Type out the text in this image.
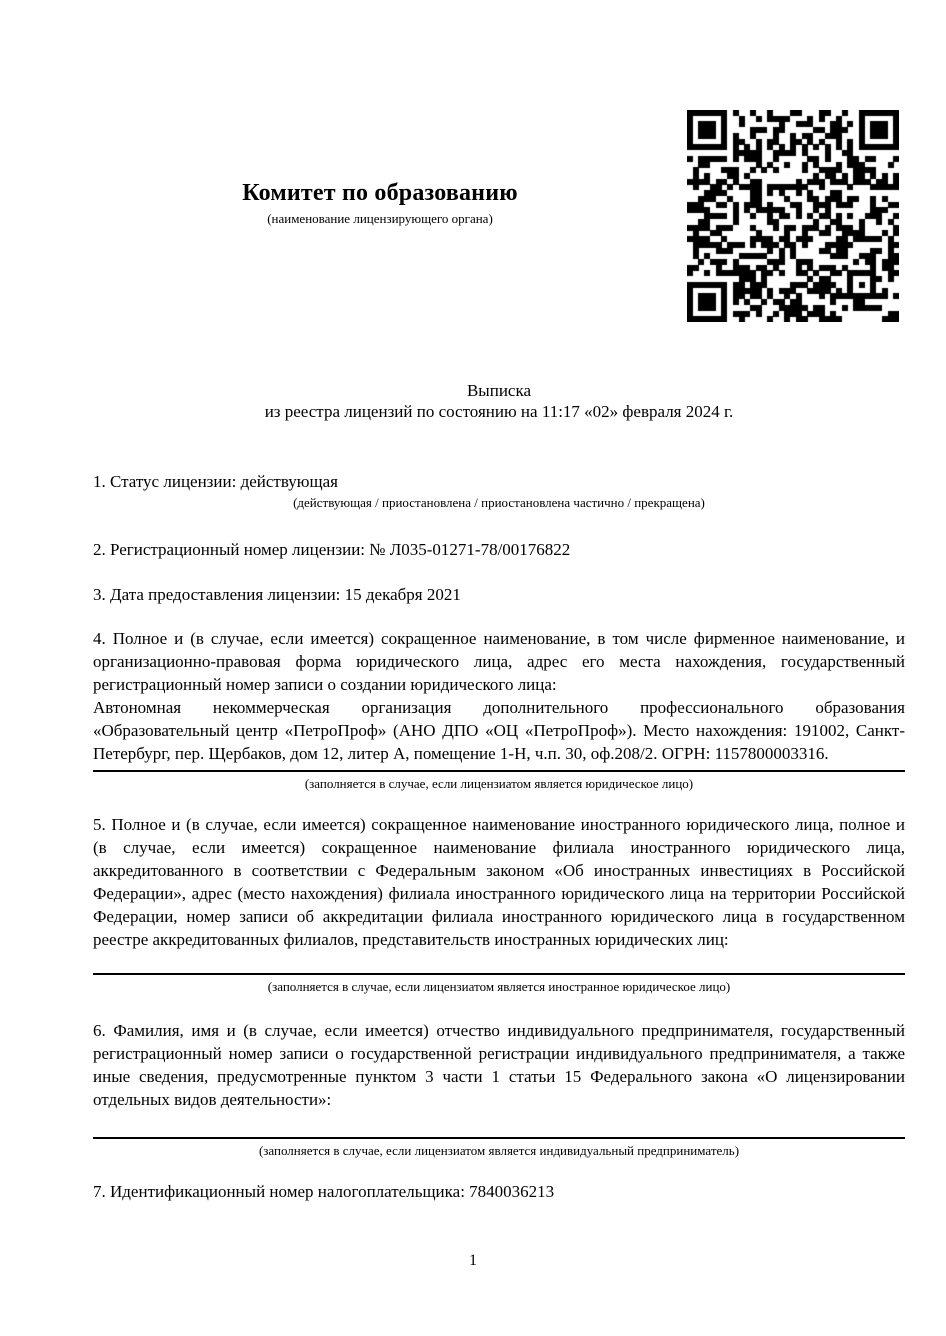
Комитет по образованию
(наименование лицензирующего органа)
Выписка
из реестра лицензий по состоянию на 11:17 «02» февраля 2024 г.
1. Статус лицензии: действующая
(действующая / приостановлена / приостановлена частично / прекращена)
2. Регистрационный номер лицензии: № Л035-01271-78/00176822
3. Дата предоставления лицензии: 15 декабря 2021
4. Полное и (в случае, если имеется) сокращенное наименование, в том числе фирменное наименование, и организационно-правовая форма юридического лица, адрес его места нахождения, государственный регистрационный номер записи о создании юридического лица:
Автономная некоммерческая организация дополнительного профессионального образования «Образовательный центр «ПетроПроф» (АНО ДПО «ОЦ «ПетроПроф»). Место нахождения: 191002, Санкт-Петербург, пер. Щербаков, дом 12, литер А, помещение 1-Н, ч.п. 30, оф.208/2. ОГРН: 1157800003316.
(заполняется в случае, если лицензиатом является юридическое лицо)
5. Полное и (в случае, если имеется) сокращенное наименование иностранного юридического лица, полное и (в случае, если имеется) сокращенное наименование филиала иностранного юридического лица, аккредитованного в соответствии с Федеральным законом «Об иностранных инвестициях в Российской Федерации», адрес (место нахождения) филиала иностранного юридического лица на территории Российской Федерации, номер записи об аккредитации филиала иностранного юридического лица в государственном реестре аккредитованных филиалов, представительств иностранных юридических лиц:
(заполняется в случае, если лицензиатом является иностранное юридическое лицо)
6. Фамилия, имя и (в случае, если имеется) отчество индивидуального предпринимателя, государственный регистрационный номер записи о государственной регистрации индивидуального предпринимателя, а также иные сведения, предусмотренные пунктом 3 части 1 статьи 15 Федерального закона «О лицензировании отдельных видов деятельности»:
(заполняется в случае, если лицензиатом является индивидуальный предприниматель)
7. Идентификационный номер налогоплательщика: 7840036213
1
